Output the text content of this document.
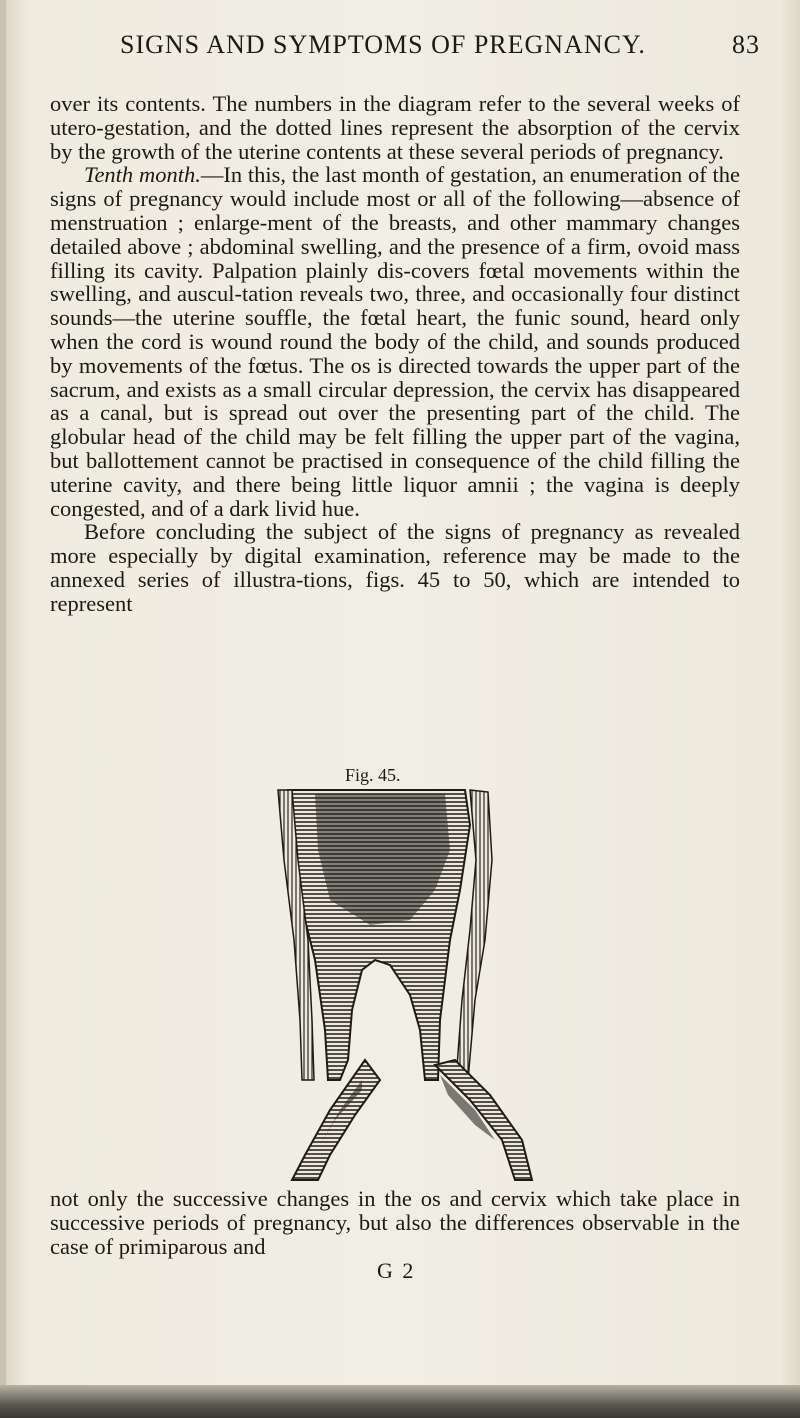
SIGNS AND SYMPTOMS OF PREGNANCY.	83

over its contents. The numbers in the diagram refer to the several weeks of utero-gestation, and the dotted lines represent the absorption of the cervix by the growth of the uterine contents at these several periods of pregnancy.

Tenth month.—In this, the last month of gestation, an enumeration of the signs of pregnancy would include most or all of the following—absence of menstruation ; enlarge-ment of the breasts, and other mammary changes detailed above ; abdominal swelling, and the presence of a firm, ovoid mass filling its cavity. Palpation plainly dis-covers fœtal movements within the swelling, and auscul-tation reveals two, three, and occasionally four distinct sounds—the uterine souffle, the fœtal heart, the funic sound, heard only when the cord is wound round the body of the child, and sounds produced by movements of the fœtus. The os is directed towards the upper part of the sacrum, and exists as a small circular depression, the cervix has disappeared as a canal, but is spread out over the presenting part of the child. The globular head of the child may be felt filling the upper part of the vagina, but ballottement cannot be practised in consequence of the child filling the uterine cavity, and there being little liquor amnii ; the vagina is deeply congested, and of a dark livid hue.

Before concluding the subject of the signs of pregnancy as revealed more especially by digital examination, reference may be made to the annexed series of illustra-tions, figs. 45 to 50, which are intended to represent

Fig. 45.

not only the successive changes in the os and cervix which take place in successive periods of pregnancy, but also the differences observable in the case of primiparous and

G 2
